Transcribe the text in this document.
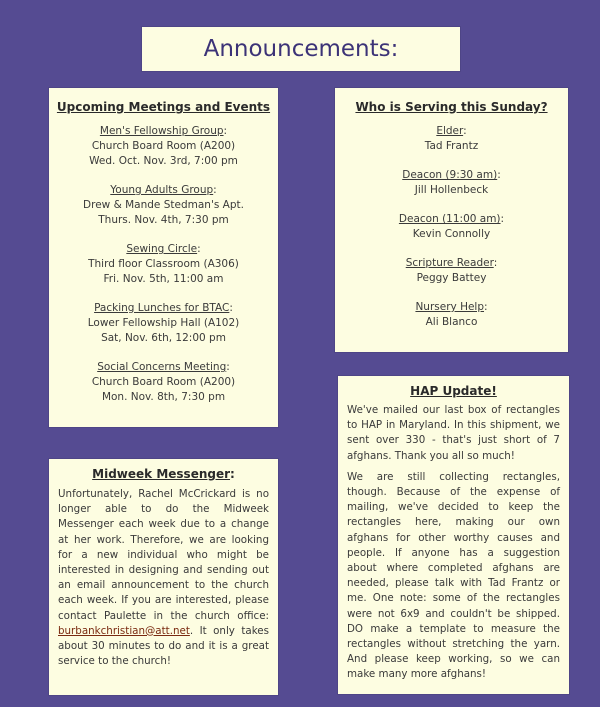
Announcements:
Upcoming Meetings and Events
Men's Fellowship Group:
Church Board Room (A200)
Wed. Oct. Nov. 3rd, 7:00 pm
Young Adults Group:
Drew & Mande Stedman's Apt.
Thurs. Nov. 4th, 7:30 pm
Sewing Circle:
Third floor Classroom (A306)
Fri. Nov. 5th, 11:00 am
Packing Lunches for BTAC:
Lower Fellowship Hall (A102)
Sat, Nov. 6th, 12:00 pm
Social Concerns Meeting:
Church Board Room (A200)
Mon. Nov. 8th, 7:30 pm
Who is Serving this Sunday?
Elder:
Tad Frantz
Deacon (9:30 am):
Jill Hollenbeck
Deacon (11:00 am):
Kevin Connolly
Scripture Reader:
Peggy Battey
Nursery Help:
Ali Blanco
Midweek Messenger:

Unfortunately, Rachel McCrickard is no longer able to do the Midweek Messenger each week due to a change at her work. Therefore, we are looking for a new individual who might be interested in designing and sending out an email announcement to the church each week. If you are interested, please contact Paulette in the church office: burbankchristian@att.net. It only takes about 30 minutes to do and it is a great service to the church!

HAP Update!

We've mailed our last box of rectangles to HAP in Maryland. In this shipment, we sent over 330 - that's just short of 7 afghans. Thank you all so much!

We are still collecting rectangles, though. Because of the expense of mailing, we've decided to keep the rectangles here, making our own afghans for other worthy causes and people. If anyone has a suggestion about where completed afghans are needed, please talk with Tad Frantz or me. One note: some of the rectangles were not 6x9 and couldn't be shipped. DO make a template to measure the rectangles without stretching the yarn. And please keep working, so we can make many more afghans!
